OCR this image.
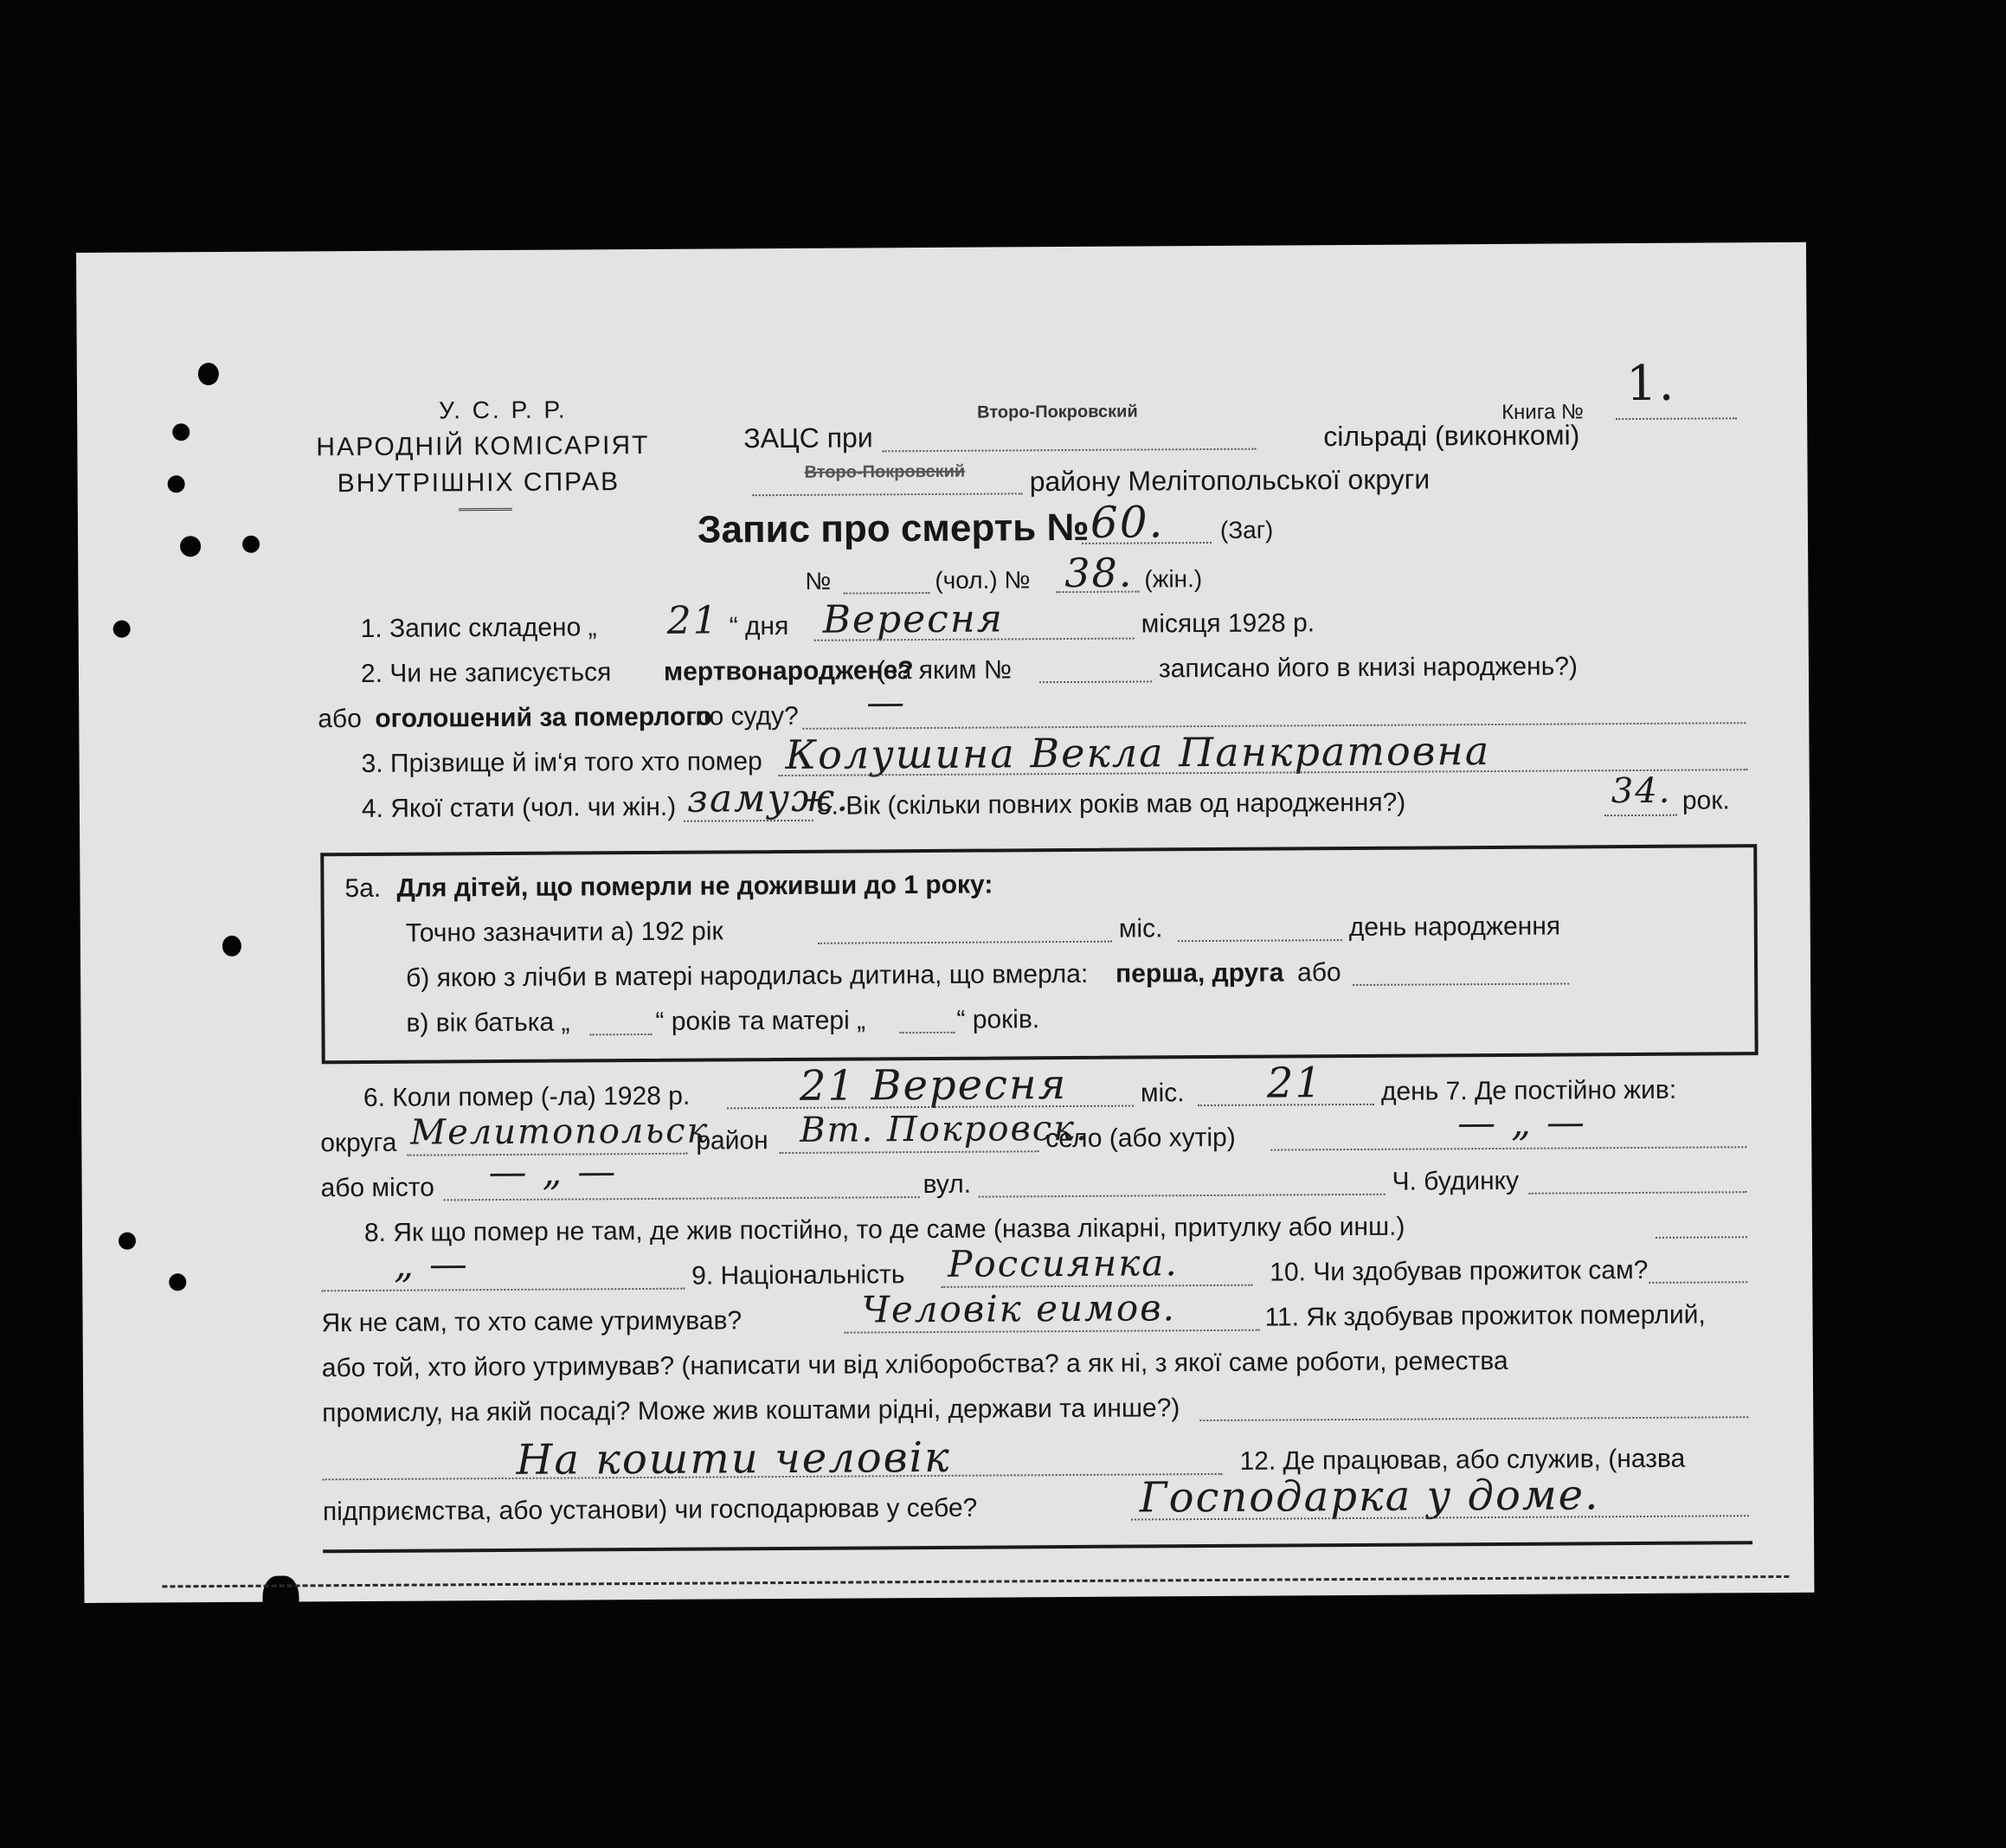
У. С. Р. Р.
НАРОДНІЙ КОМІСАРІЯТ
ВНУТРІШНІХ СПРАВ
ЗАЦС при
Второ-Покровский
сільраді (виконкомі)
Второ-Покровский району Мелітопольської округи
Книга №
1.
Запис про смерть № 60. (Заг)
№	(чол.) № 38. (жін.)
1. Запис складено „ 21 “ дня Вересня	місяця 1928 р.
2. Чи не записується мертвонароджене?
(за яким №	записано його в книзі народжень?)
або оголошений за померлого
по суду? —
3. Прізвище й ім‘я того хто помер Колушина Векла Панкратовна
4. Якої стати (чол. чи жін.) замуж.
5. Вік (скільки повних років мав од народження?)	34. рок.
5а. Для дітей, що померли не доживши до 1 року:
Точно зазначити а) 192 рік	міс.	день народження
б) якою з лічби в матері народилась дитина, що вмерла: перша, друга або
в) вік батька „	“ років та матері „	“ років.
6. Коли помер (-ла) 1928 р.	21 Вересня	міс. 21 день 7. Де постійно жив:
округа Мелитопольск
район Вт. Покровск.
село (або хутір)	— „ —
або місто — „ —	вул.	Ч. будинку
8. Як що помер не там, де жив постійно, то де саме (назва лікарні, притулку або инш.)
„ —	9. Національність Россиянка.	10. Чи здобував прожиток сам?
Як не сам, то хто саме утримував?	Человік еимов.	11. Як здобував прожиток померлий,
або той, хто його утримував? (написати чи від хліборобства? а як ні, з якої саме роботи, ремества
промислу, на якій посаді? Може жив коштами рідні, держави та инше?)
На кошти человік	12. Де працював, або служив, (назва
підприємства, або установи) чи господарював у себе?	Господарка у доме.
